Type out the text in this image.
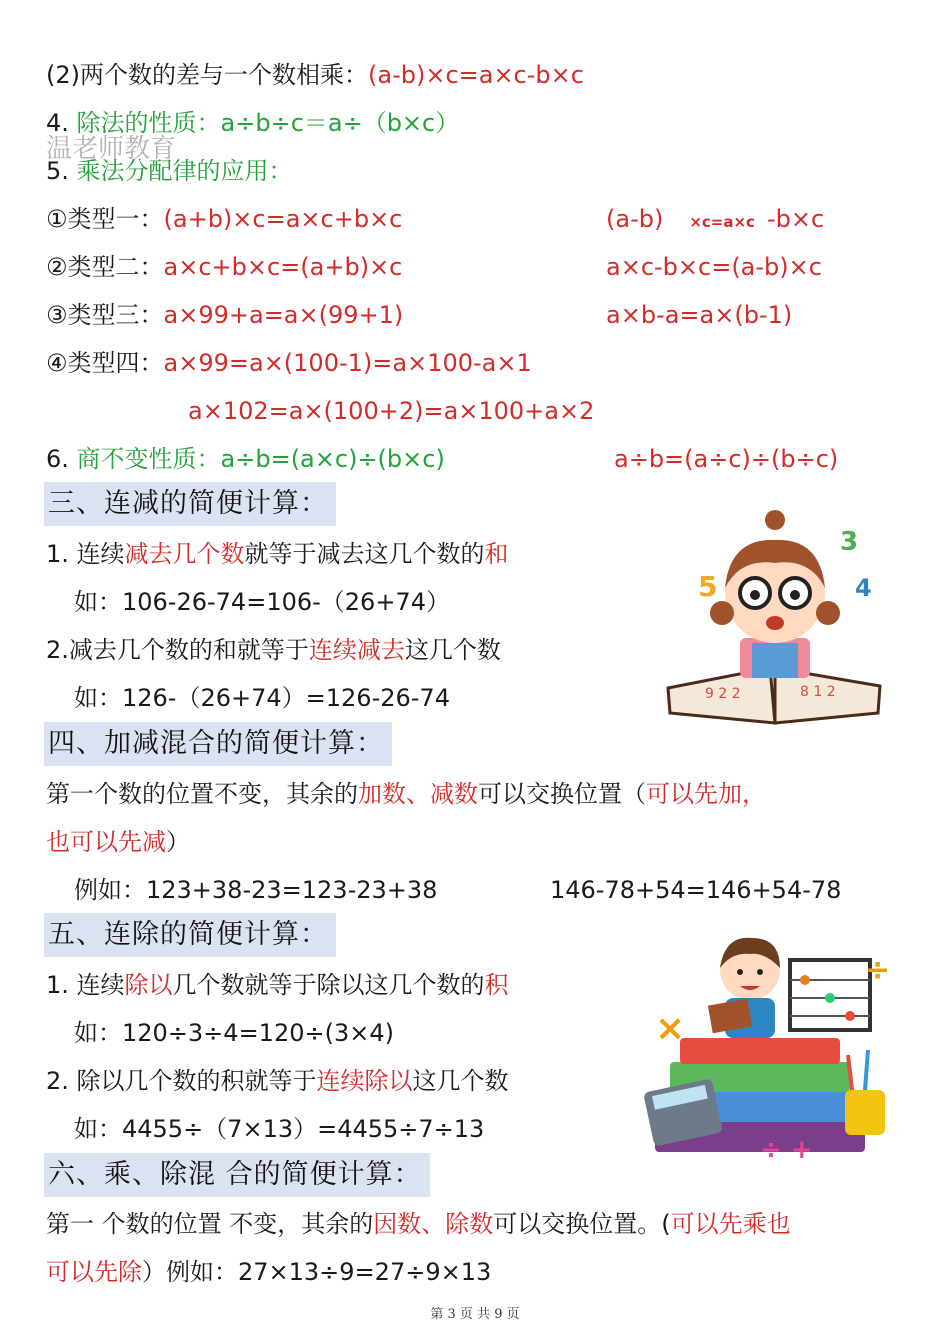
(2)两个数的差与一个数相乘：(a-b)×c=a×c-b×c
4. 除法的性质：a÷b÷c＝a÷（b×c）
温老师教育
5. 乘法分配律的应用：
①类型一：(a+b)×c=a×c+b×c	(a-b) ×c=a×c -b×c
②类型二：a×c+b×c=(a+b)×c	a×c-b×c=(a-b)×c
③类型三：a×99+a=a×(99+1)	a×b-a=a×(b-1)
④类型四：a×99=a×(100-1)=a×100-a×1
a×102=a×(100+2)=a×100+a×2
6. 商不变性质：a÷b=(a×c)÷(b×c)	a÷b=(a÷c)÷(b÷c)
三、连减的简便计算：
1. 连续减去几个数就等于减去这几个数的和
如：106-26-74=106-（26+74）
2.减去几个数的和就等于连续减去这几个数
如：126-（26+74）=126-26-74	9 2 2	8 1 2
5
3
4
四、加减混合的简便计算：
第一个数的位置不变，其余的加数、减数可以交换位置（可以先加，
也可以先减）
例如：123+38-23=123-23+38	146-78+54=146+54-78
五、连除的简便计算：
1. 连续除以几个数就等于除以这几个数的积
如：120÷3÷4=120÷(3×4)
2. 除以几个数的积就等于连续除以这几个数
如：4455÷（7×13）=4455÷7÷13
×
÷
÷ +
六、乘、除混 合的简便计算：
第一 个数的位置 不变，其余的因数、除数可以交换位置。(可以先乘也
可以先除）例如：27×13÷9=27÷9×13
第 3 页 共 9 页
